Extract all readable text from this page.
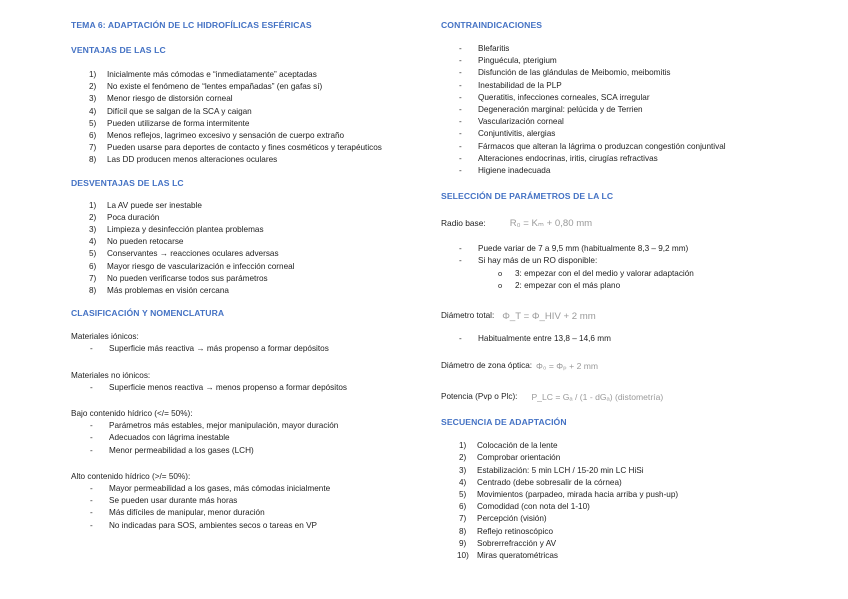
TEMA 6: ADAPTACIÓN DE LC HIDROFÍLICAS ESFÉRICAS
VENTAJAS DE LAS LC
1)	Inicialmente más cómodas e “inmediatamente” aceptadas
2)	No existe el fenómeno de “lentes empañadas” (en gafas sí)
3)	Menor riesgo de distorsión corneal
4)	Difícil que se salgan de la SCA y caigan
5)	Pueden utilizarse de forma intermitente
6)	Menos reflejos, lagrimeo excesivo y sensación de cuerpo extraño
7)	Pueden usarse para deportes de contacto y fines cosméticos y terapéuticos
8)	Las DD producen menos alteraciones oculares
DESVENTAJAS DE LAS LC
1)	La AV puede ser inestable
2)	Poca duración
3)	Limpieza y desinfección plantea problemas
4)	No pueden retocarse
5)	Conservantes → reacciones oculares adversas
6)	Mayor riesgo de vascularización e infección corneal
7)	No pueden verificarse todos sus parámetros
8)	Más problemas en visión cercana
CLASIFICACIÓN Y NOMENCLATURA
Materiales iónicos:
- Superficie más reactiva → más propenso a formar depósitos
Materiales no iónicos:
- Superficie menos reactiva → menos propenso a formar depósitos
Bajo contenido hídrico (</= 50%):
- Parámetros más estables, mejor manipulación, mayor duración
- Adecuados con lágrima inestable
- Menor permeabilidad a los gases (LCH)
Alto contenido hídrico (>/= 50%):
- Mayor permeabilidad a los gases, más cómodas inicialmente
- Se pueden usar durante más horas
- Más difíciles de manipular, menor duración
- No indicadas para SOS, ambientes secos o tareas en VP
CONTRAINDICACIONES
- Blefaritis
- Pinguécula, pterigium
- Disfunción de las glándulas de Meibomio, meibomitis
- Inestabilidad de la PLP
- Queratitis, infecciones corneales, SCA irregular
- Degeneración marginal: pelúcida y de Terrien
- Vascularización corneal
- Conjuntivitis, alergias
- Fármacos que alteran la lágrima o produzcan congestión conjuntival
- Alteraciones endocrinas, iritis, cirugías refractivas
- Higiene inadecuada
SELECCIÓN DE PARÁMETROS DE LA LC
Radio base:	R₀ = Kₘ + 0,80 mm
- Puede variar de 7 a 9,5 mm (habitualmente 8,3 – 9,2 mm)
- Si hay más de un RO disponible:
o 3: empezar con el del medio y valorar adaptación
o 2: empezar con el más plano
Diámetro total: Φ_T = Φ_HIV + 2 mm
- Habitualmente entre 13,8 – 14,6 mm
Diámetro de zona óptica: Φ₀ = Φₚ + 2 mm
Potencia (Pvp o Plc): P_LC = Gₐ / (1 - dGₐ) (distometría)
SECUENCIA DE ADAPTACIÓN
1)	Colocación de la lente
2)	Comprobar orientación
3)	Estabilización: 5 min LCH / 15-20 min LC HiSi
4)	Centrado (debe sobresalir de la córnea)
5)	Movimientos (parpadeo, mirada hacia arriba y push-up)
6)	Comodidad (con nota del 1-10)
7)	Percepción (visión)
8)	Reflejo retinoscópico
9)	Sobrerrefracción y AV
10) Miras queratométricas
